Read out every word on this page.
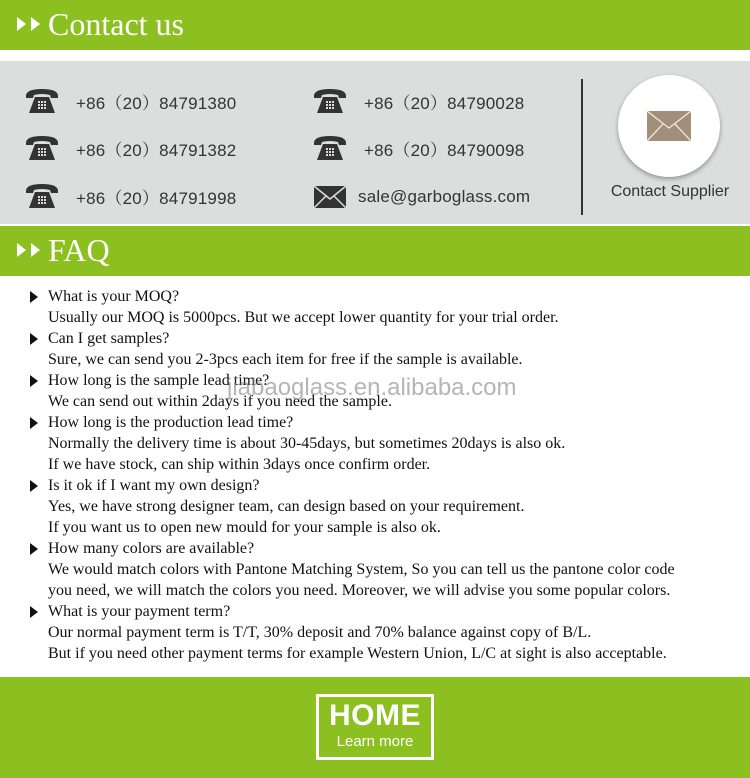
Contact us
+86（20）84791380
+86（20）84791382
+86（20）84791998
+86（20）84790028
+86（20）84790098
sale@garboglass.com	Contact Supplier
FAQ
What is your MOQ?
Usually our MOQ is 5000pcs. But we accept lower quantity for your trial order.
Can I get samples?
Sure, we can send you 2-3pcs each item for free if the sample is available.
How long is the sample lead time?
We can send out within 2days if you need the sample.
How long is the production lead time?
Normally the delivery time is about 30-45days, but sometimes 20days is also ok.
If we have stock, can ship within 3days once confirm order.
Is it ok if I want my own design?
Yes, we have strong designer team, can design based on your requirement.
If you want us to open new mould for your sample is also ok.
How many colors are available?
We would match colors with Pantone Matching System, So you can tell us the pantone color code
you need, we will match the colors you need. Moreover, we will advise you some popular colors.
What is your payment term?
Our normal payment term is T/T, 30% deposit and 70% balance against copy of B/L.
But if you need other payment terms for example Western Union, L/C at sight is also acceptable.
jiabaoglass.en.alibaba.com
HOME
Learn more
